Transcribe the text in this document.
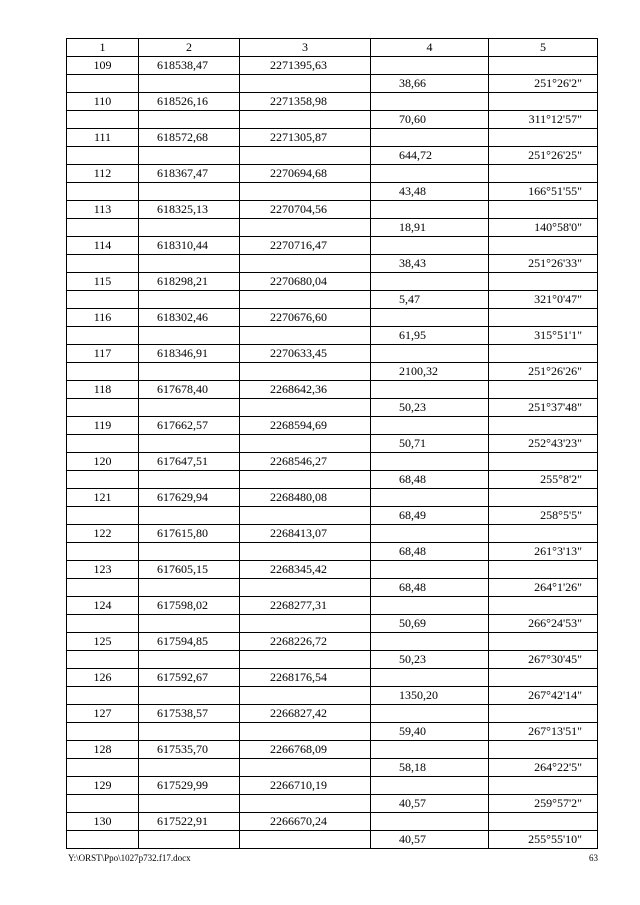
1	2	3	4	5
109	618538,47	2271395,63		
			38,66	251°26'2"
110	618526,16	2271358,98		
			70,60	311°12'57"
111	618572,68	2271305,87		
			644,72	251°26'25"
112	618367,47	2270694,68		
			43,48	166°51'55"
113	618325,13	2270704,56		
			18,91	140°58'0"
114	618310,44	2270716,47		
			38,43	251°26'33"
115	618298,21	2270680,04		
			5,47	321°0'47"
116	618302,46	2270676,60		
			61,95	315°51'1"
117	618346,91	2270633,45		
			2100,32	251°26'26"
118	617678,40	2268642,36		
			50,23	251°37'48"
119	617662,57	2268594,69		
			50,71	252°43'23"
120	617647,51	2268546,27		
			68,48	255°8'2"
121	617629,94	2268480,08		
			68,49	258°5'5"
122	617615,80	2268413,07		
			68,48	261°3'13"
123	617605,15	2268345,42		
			68,48	264°1'26"
124	617598,02	2268277,31		
			50,69	266°24'53"
125	617594,85	2268226,72		
			50,23	267°30'45"
126	617592,67	2268176,54		
			1350,20	267°42'14"
127	617538,57	2266827,42		
			59,40	267°13'51"
128	617535,70	2266768,09		
			58,18	264°22'5"
129	617529,99	2266710,19		
			40,57	259°57'2"
130	617522,91	2266670,24		
			40,57	255°55'10"
Y:\ORST\Ppo\1027p732.f17.docx	63
